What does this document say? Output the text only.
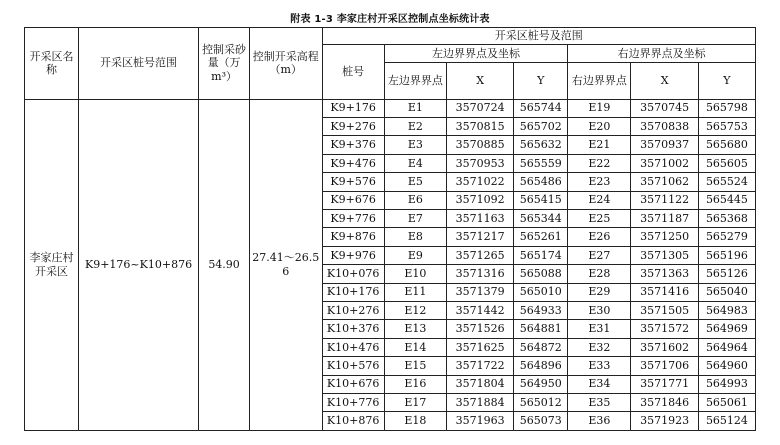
附表 1-3 李家庄村开采区控制点坐标统计表
开采区名称	开采区桩号范围	控制采砂量（万m³）	控制开采高程（m）	开采区桩号及范围						
				桩号	左边界界点及坐标			右边界界点及坐标		
					左边界界点	X	Y	右边界界点	X	Y
李家庄村开采区	K9+176~K10+876	54.90	27.41～26.56	K9+176	E1	3570724	565744	E19	3570745	565798
				K9+276	E2	3570815	565702	E20	3570838	565753
				K9+376	E3	3570885	565632	E21	3570937	565680
				K9+476	E4	3570953	565559	E22	3571002	565605
				K9+576	E5	3571022	565486	E23	3571062	565524
				K9+676	E6	3571092	565415	E24	3571122	565445
				K9+776	E7	3571163	565344	E25	3571187	565368
				K9+876	E8	3571217	565261	E26	3571250	565279
				K9+976	E9	3571265	565174	E27	3571305	565196
				K10+076	E10	3571316	565088	E28	3571363	565126
				K10+176	E11	3571379	565010	E29	3571416	565040
				K10+276	E12	3571442	564933	E30	3571505	564983
				K10+376	E13	3571526	564881	E31	3571572	564969
				K10+476	E14	3571625	564872	E32	3571602	564964
				K10+576	E15	3571722	564896	E33	3571706	564960
				K10+676	E16	3571804	564950	E34	3571771	564993
				K10+776	E17	3571884	565012	E35	3571846	565061
				K10+876	E18	3571963	565073	E36	3571923	565124
